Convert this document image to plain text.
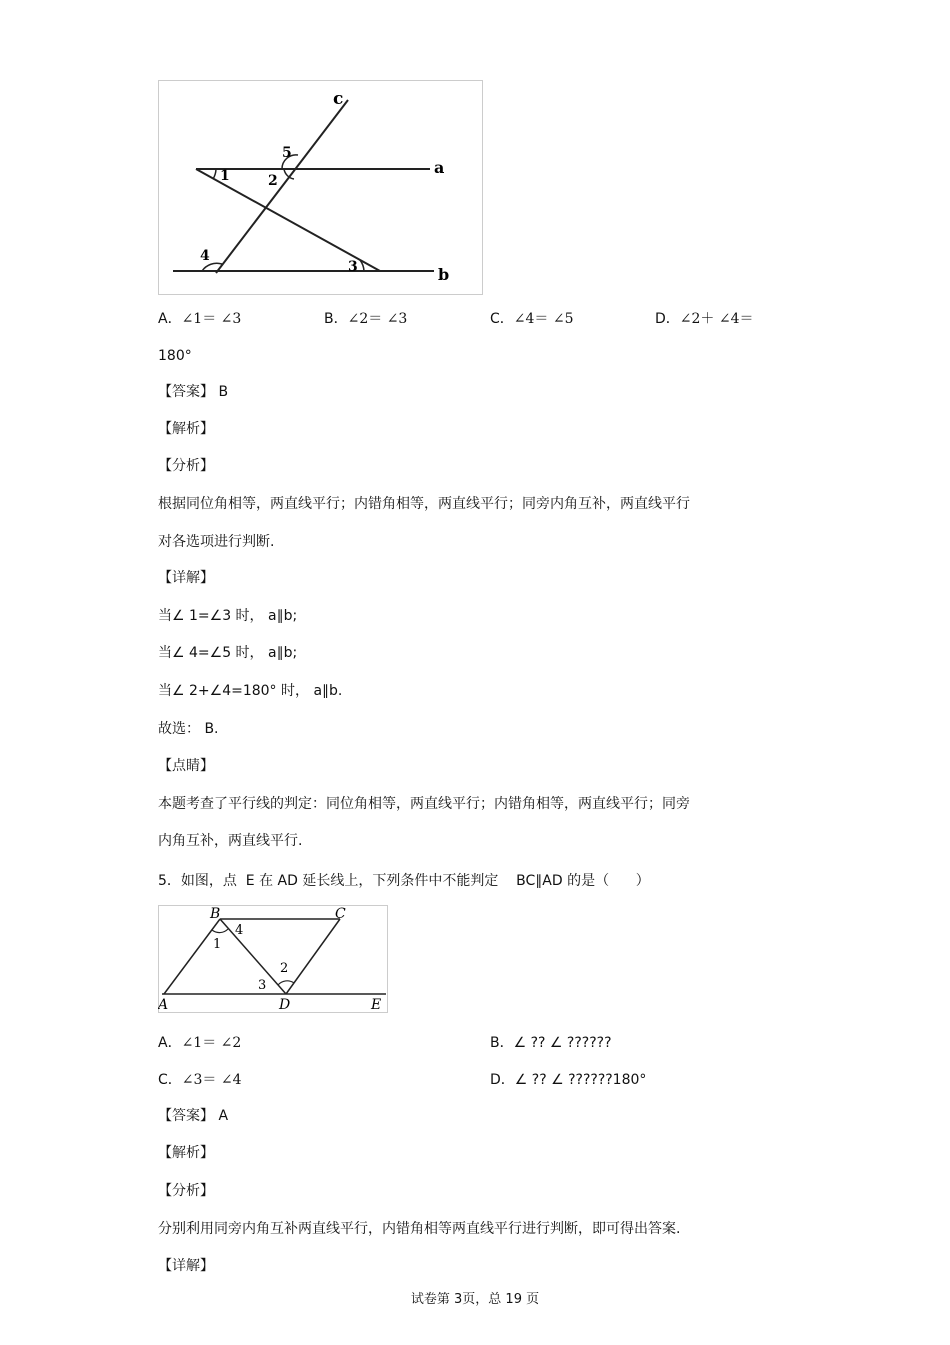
c
a
b
1	2
3
4
5
A．∠1＝ ∠3	B．∠2＝ ∠3	C．∠4＝ ∠5	D．∠2＋ ∠4＝
180°
【答案】 B
【解析】
【分析】
根据同位角相等，两直线平行；内错角相等，两直线平行；同旁内角互补，两直线平行
对各选项进行判断.
【详解】
当∠ 1=∠3 时， a∥b;
当∠ 4=∠5 时， a∥b;
当∠ 2+∠4=180° 时， a∥b.
故选： B.
【点睛】
本题考查了平行线的判定：同位角相等，两直线平行；内错角相等，两直线平行；同旁
内角互补，两直线平行.
5．如图，点  E 在 AD 延长线上，下列条件中不能判定    BC∥AD 的是（      ）
B	C
A	D	E
1
2
3
4
A．∠1＝ ∠2	B．∠ ?? ∠ ??????
C．∠3＝ ∠4	D．∠ ?? ∠ ??????180°
【答案】 A
【解析】
【分析】
分别利用同旁内角互补两直线平行，内错角相等两直线平行进行判断，即可得出答案.
【详解】
试卷第 3页，总 19 页
